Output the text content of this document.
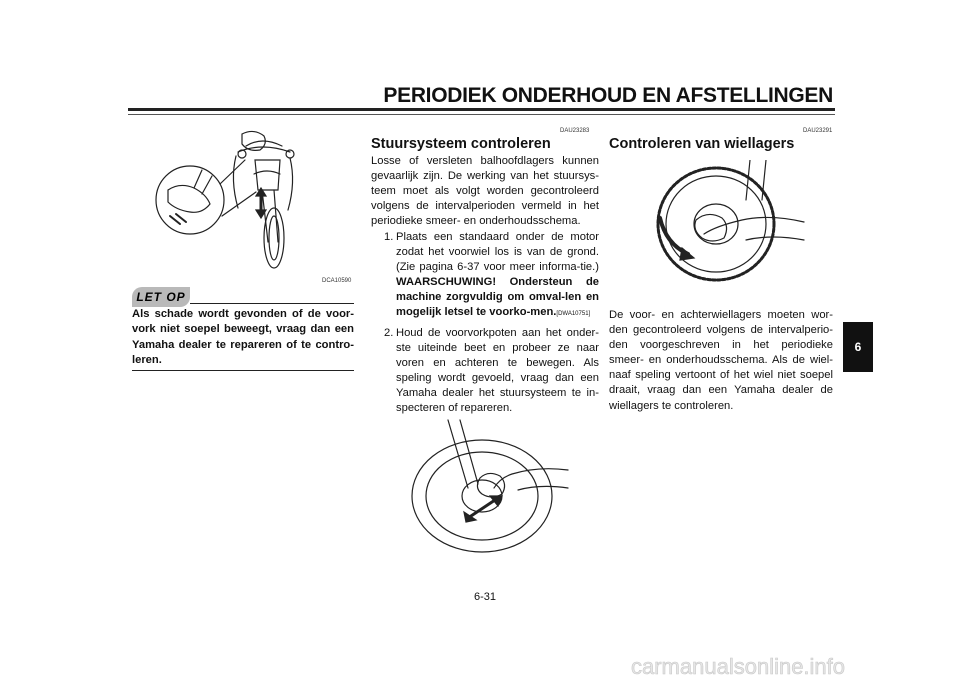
PERIODIEK ONDERHOUD EN AFSTELLINGEN
DCA10590
LET OP
Als schade wordt gevonden of de voor-vork niet soepel beweegt, vraag dan een Yamaha dealer te repareren of te contro-leren.
DAU23283
Stuursysteem controleren
Losse of versleten balhoofdlagers kunnen gevaarlijk zijn. De werking van het stuursys-teem moet als volgt worden gecontroleerd volgens de intervalperioden vermeld in het periodieke smeer- en onderhoudsschema.
1. Plaats een standaard onder de motor zodat het voorwiel los is van de grond. (Zie pagina 6-37 voor meer informa-tie.) WAARSCHUWING! Ondersteun de machine zorgvuldig om omval-len en mogelijk letsel te voorko-men.[DWA10751]
2. Houd de voorvorkpoten aan het onder-ste uiteinde beet en probeer ze naar voren en achteren te bewegen. Als speling wordt gevoeld, vraag dan een Yamaha dealer het stuursysteem te in-specteren of repareren.
DAU23291
Controleren van wiellagers
De voor- en achterwiellagers moeten wor-den gecontroleerd volgens de intervalperio-den voorgeschreven in het periodieke smeer- en onderhoudsschema. Als de wiel-naaf speling vertoont of het wiel niet soepel draait, vraag dan een Yamaha dealer de wiellagers te controleren.
6
6-31
carmanualsonline.info
